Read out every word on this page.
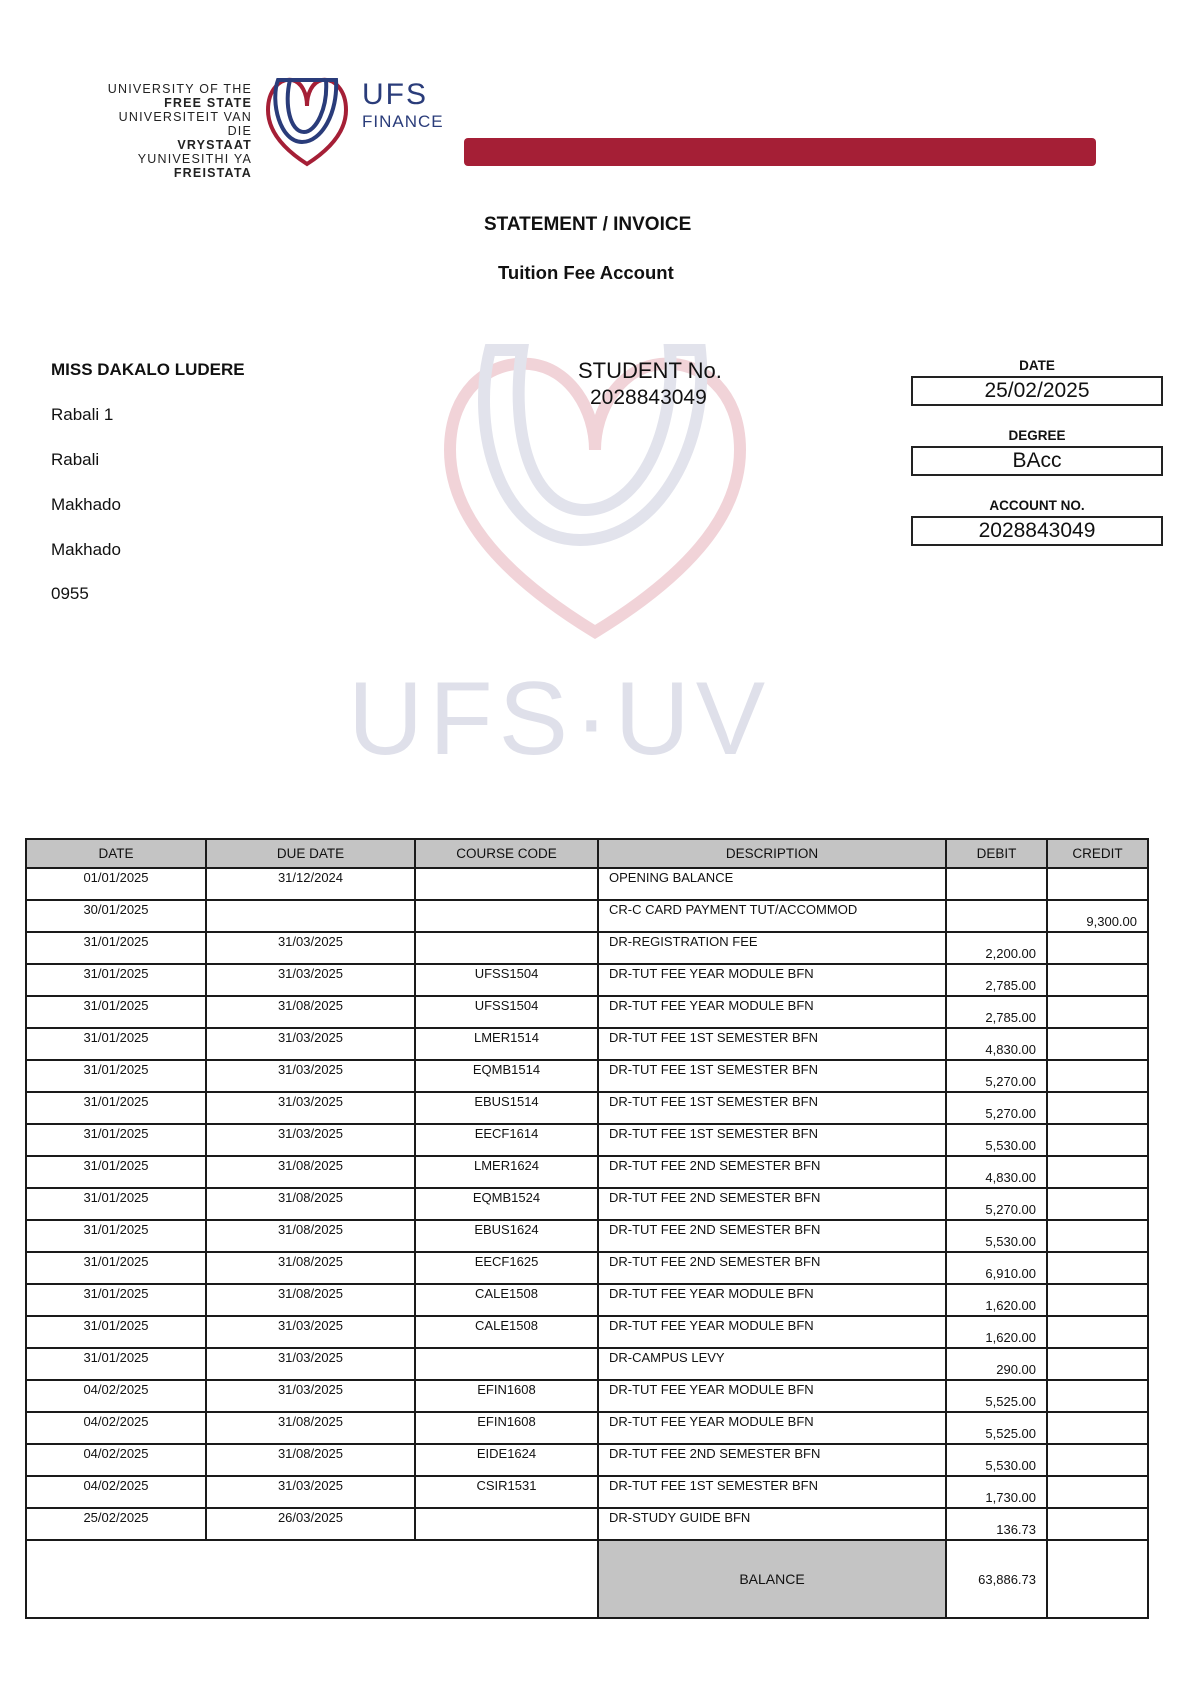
UNIVERSITY OF THE
FREE STATE
UNIVERSITEIT VAN DIE
VRYSTAAT
YUNIVESITHI YA
FREISTATA
UFS
FINANCE
UFS·UV
STATEMENT / INVOICE
Tuition Fee Account
MISS DAKALO LUDERE
Rabali 1
Rabali
Makhado
Makhado
0955
STUDENT No.
2028843049
DATE
25/02/2025
DEGREE
BAcc
ACCOUNT NO.
2028843049
DATE	DUE DATE	COURSE CODE	DESCRIPTION	DEBIT	CREDIT
01/01/2025	31/12/2024		OPENING BALANCE		
30/01/2025			CR-C CARD PAYMENT TUT/ACCOMMOD		9,300.00
31/01/2025	31/03/2025		DR-REGISTRATION FEE	2,200.00	
31/01/2025	31/03/2025	UFSS1504	DR-TUT FEE YEAR MODULE BFN	2,785.00	
31/01/2025	31/08/2025	UFSS1504	DR-TUT FEE YEAR MODULE BFN	2,785.00	
31/01/2025	31/03/2025	LMER1514	DR-TUT FEE 1ST SEMESTER BFN	4,830.00	
31/01/2025	31/03/2025	EQMB1514	DR-TUT FEE 1ST SEMESTER BFN	5,270.00	
31/01/2025	31/03/2025	EBUS1514	DR-TUT FEE 1ST SEMESTER BFN	5,270.00	
31/01/2025	31/03/2025	EECF1614	DR-TUT FEE 1ST SEMESTER BFN	5,530.00	
31/01/2025	31/08/2025	LMER1624	DR-TUT FEE 2ND SEMESTER BFN	4,830.00	
31/01/2025	31/08/2025	EQMB1524	DR-TUT FEE 2ND SEMESTER BFN	5,270.00	
31/01/2025	31/08/2025	EBUS1624	DR-TUT FEE 2ND SEMESTER BFN	5,530.00	
31/01/2025	31/08/2025	EECF1625	DR-TUT FEE 2ND SEMESTER BFN	6,910.00	
31/01/2025	31/08/2025	CALE1508	DR-TUT FEE YEAR MODULE BFN	1,620.00	
31/01/2025	31/03/2025	CALE1508	DR-TUT FEE YEAR MODULE BFN	1,620.00	
31/01/2025	31/03/2025		DR-CAMPUS LEVY	290.00	
04/02/2025	31/03/2025	EFIN1608	DR-TUT FEE YEAR MODULE BFN	5,525.00	
04/02/2025	31/08/2025	EFIN1608	DR-TUT FEE YEAR MODULE BFN	5,525.00	
04/02/2025	31/08/2025	EIDE1624	DR-TUT FEE 2ND SEMESTER BFN	5,530.00	
04/02/2025	31/03/2025	CSIR1531	DR-TUT FEE 1ST SEMESTER BFN	1,730.00	
25/02/2025	26/03/2025		DR-STUDY GUIDE BFN	136.73	
			BALANCE	63,886.73	
